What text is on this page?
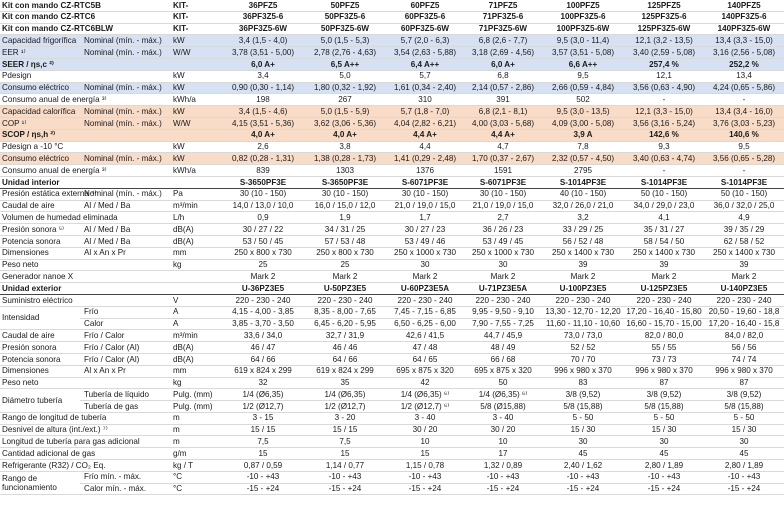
Kit con mando CZ-RTC5B		KIT-	36PFZ5	50PFZ5	60PFZ5	71PFZ5	100PFZ5	125PFZ5	140PFZ5
Kit con mando CZ-RTC6		KIT-	36PF3Z5-6	50PF3Z5-6	60PF3Z5-6	71PF3Z5-6	100PF3Z5-6	125PF3Z5-6	140PF3Z5-6
Kit con mando CZ-RTC6BLW		KIT-	36PF3Z5-6W	50PF3Z5-6W	60PF3Z5-6W	71PF3Z5-6W	100PF3Z5-6W	125PF3Z5-6W	140PF3Z5-6W
Capacidad frigorífica	Nominal (mín. - máx.)	kW	3,4 (1,5 - 4,0)	5,0 (1,5 - 5,3)	5,7 (2,0 - 6,3)	6,8 (2,6 - 7,7)	9,5 (3,0 - 11,4)	12,1 (3,2 - 13,5)	13,4 (3,3 - 15,0)
EER ¹⁾	Nominal (mín. - máx.)	W/W	3,78 (3,51 - 5,00)	2,78 (2,76 - 4,63)	3,54 (2,63 - 5,88)	3,18 (2,69 - 4,56)	3,57 (3,51 - 5,08)	3,40 (2,59 - 5,08)	3,16 (2,56 - 5,08)
SEER / ηs,c ²⁾			6,0 A+	6,5 A++	6,4 A++	6,0 A+	6,6 A++	257,4 %	252,2 %
Pdesign		kW	3,4	5,0	5,7	6,8	9,5	12,1	13,4
Consumo eléctrico	Nominal (mín. - máx.)	kW	0,90 (0,30 - 1,14)	1,80 (0,32 - 1,92)	1,61 (0,34 - 2,40)	2,14 (0,57 - 2,86)	2,66 (0,59 - 4,84)	3,56 (0,63 - 4,90)	4,24 (0,65 - 5,86)
Consumo anual de energía ³⁾		kWh/a	198	267	310	391	502	-	-
Capacidad calorífica	Nominal (mín. - máx.)	kW	3,4 (1,5 - 4,6)	5,0 (1,5 - 5,9)	5,7 (1,8 - 7,0)	6,8 (2,1 - 8,1)	9,5 (3,0 - 13,5)	12,1 (3,3 - 15,0)	13,4 (3,4 - 16,0)
COP ¹⁾	Nominal (mín. - máx.)	W/W	4,15 (3,51 - 5,36)	3,62 (3,06 - 5,36)	4,04 (2,82 - 6,21)	4,00 (3,03 - 5,68)	4,09 (3,00 - 5,08)	3,56 (3,16 - 5,24)	3,76 (3,03 - 5,23)
SCOP / ηs,h ²⁾			4,0 A+	4,0 A+	4,4 A+	4,4 A+	3,9 A	142,6 %	140,6 %
Pdesign a -10 °C		kW	2,6	3,8	4,4	4,7	7,8	9,3	9,5
Consumo eléctrico	Nominal (mín. - máx.)	kW	0,82 (0,28 - 1,31)	1,38 (0,28 - 1,73)	1,41 (0,29 - 2,48)	1,70 (0,37 - 2,67)	2,32 (0,57 - 4,50)	3,40 (0,63 - 4,74)	3,56 (0,65 - 5,28)
Consumo anual de energía ³⁾		kWh/a	839	1303	1376	1591	2795	-	-
Unidad interior			S-3650PF3E	S-3650PF3E	S-6071PF3E	S-6071PF3E	S-1014PF3E	S-1014PF3E	S-1014PF3E
Presión estática externa ⁴⁾	Nominal (mín. - máx.)	Pa	30 (10 - 150)	30 (10 - 150)	30 (10 - 150)	30 (10 - 150)	40 (10 - 150)	50 (10 - 150)	50 (10 - 150)
Caudal de aire	Al / Med / Ba	m³/min	14,0 / 13,0 / 10,0	16,0 / 15,0 / 12,0	21,0 / 19,0 / 15,0	21,0 / 19,0 / 15,0	32,0 / 26,0 / 21,0	34,0 / 29,0 / 23,0	36,0 / 32,0 / 25,0
Volumen de humedad eliminada		L/h	0,9	1,9	1,7	2,7	3,2	4,1	4,9
Presión sonora ⁵⁾	Al / Med / Ba	dB(A)	30 / 27 / 22	34 / 31 / 25	30 / 27 / 23	36 / 26 / 23	33 / 29 / 25	35 / 31 / 27	39 / 35 / 29
Potencia sonora	Al / Med / Ba	dB(A)	53 / 50 / 45	57 / 53 / 48	53 / 49 / 46	53 / 49 / 45	56 / 52 / 48	58 / 54 / 50	62 / 58 / 52
Dimensiones	Al x An x Pr	mm	250 x 800 x 730	250 x 800 x 730	250 x 1000 x 730	250 x 1000 x 730	250 x 1400 x 730	250 x 1400 x 730	250 x 1400 x 730
Peso neto		kg	25	25	30	30	39	39	39
Generador nanoe X			Mark 2	Mark 2	Mark 2	Mark 2	Mark 2	Mark 2	Mark 2
Unidad exterior			U-36PZ3E5	U-50PZ3E5	U-60PZ3E5A	U-71PZ3E5A	U-100PZ3E5	U-125PZ3E5	U-140PZ3E5
Suministro eléctrico		V	220 - 230 - 240	220 - 230 - 240	220 - 230 - 240	220 - 230 - 240	220 - 230 - 240	220 - 230 - 240	220 - 230 - 240
Intensidad	Frío	A	4,15 - 4,00 - 3,85	8,35 - 8,00 - 7,65	7,45 - 7,15 - 6,85	9,95 - 9,50 - 9,10	13,30 - 12,70 - 12,20	17,20 - 16,40 - 15,80	20,50 - 19,60 - 18,8
	Calor	A	3,85 - 3,70 - 3,50	6,45 - 6,20 - 5,95	6,50 - 6,25 - 6,00	7,90 - 7,55 - 7,25	11,60 - 11,10 - 10,60	16,60 - 15,70 - 15,00	17,20 - 16,40 - 15,8
Caudal de aire	Frío / Calor	m³/min	33,6 / 34,0	32,7 / 31,9	42,6 / 41,5	44,7 / 45,9	73,0 / 73,0	82,0 / 80,0	84,0 / 82,0
Presión sonora	Frío / Calor (Al)	dB(A)	46 / 47	46 / 46	47 / 48	48 / 49	52 / 52	55 / 55	56 / 56
Potencia sonora	Frío / Calor (Al)	dB(A)	64 / 66	64 / 66	64 / 65	66 / 68	70 / 70	73 / 73	74 / 74
Dimensiones	Al x An x Pr	mm	619 x 824 x 299	619 x 824 x 299	695 x 875 x 320	695 x 875 x 320	996 x 980 x 370	996 x 980 x 370	996 x 980 x 370
Peso neto		kg	32	35	42	50	83	87	87
Diámetro tubería	Tubería de líquido	Pulg. (mm)	1/4 (Ø6,35)	1/4 (Ø6,35)	1/4 (Ø6,35) ⁶⁾	1/4 (Ø6,35) ⁶⁾	3/8 (9,52)	3/8 (9,52)	3/8 (9,52)
	Tubería de gas	Pulg. (mm)	1/2 (Ø12,7)	1/2 (Ø12,7)	1/2 (Ø12,7) ⁶⁾	5/8 (Ø15,88)	5/8 (15,88)	5/8 (15,88)	5/8 (15,88)
Rango de longitud de tubería		m	3 - 15	3 - 20	3 - 40	3 - 40	5 - 50	5 - 50	5 - 50
Desnivel de altura (int./ext.) ⁷⁾		m	15 / 15	15 / 15	30 / 20	30 / 20	15 / 30	15 / 30	15 / 30
Longitud de tubería para gas adicional		m	7,5	7,5	10	10	30	30	30
Cantidad adicional de gas		g/m	15	15	15	17	45	45	45
Refrigerante (R32) / CO₂ Eq.		kg / T	0,87 / 0,59	1,14 / 0,77	1,15 / 0,78	1,32 / 0,89	2,40 / 1,62	2,80 / 1,89	2,80 / 1,89
Rango de funcionamiento	Frío mín. - máx.	°C	-10 - +43	-10 - +43	-10 - +43	-10 - +43	-10 - +43	-10 - +43	-10 - +43
	Calor mín. - máx.	°C	-15 - +24	-15 - +24	-15 - +24	-15 - +24	-15 - +24	-15 - +24	-15 - +24
